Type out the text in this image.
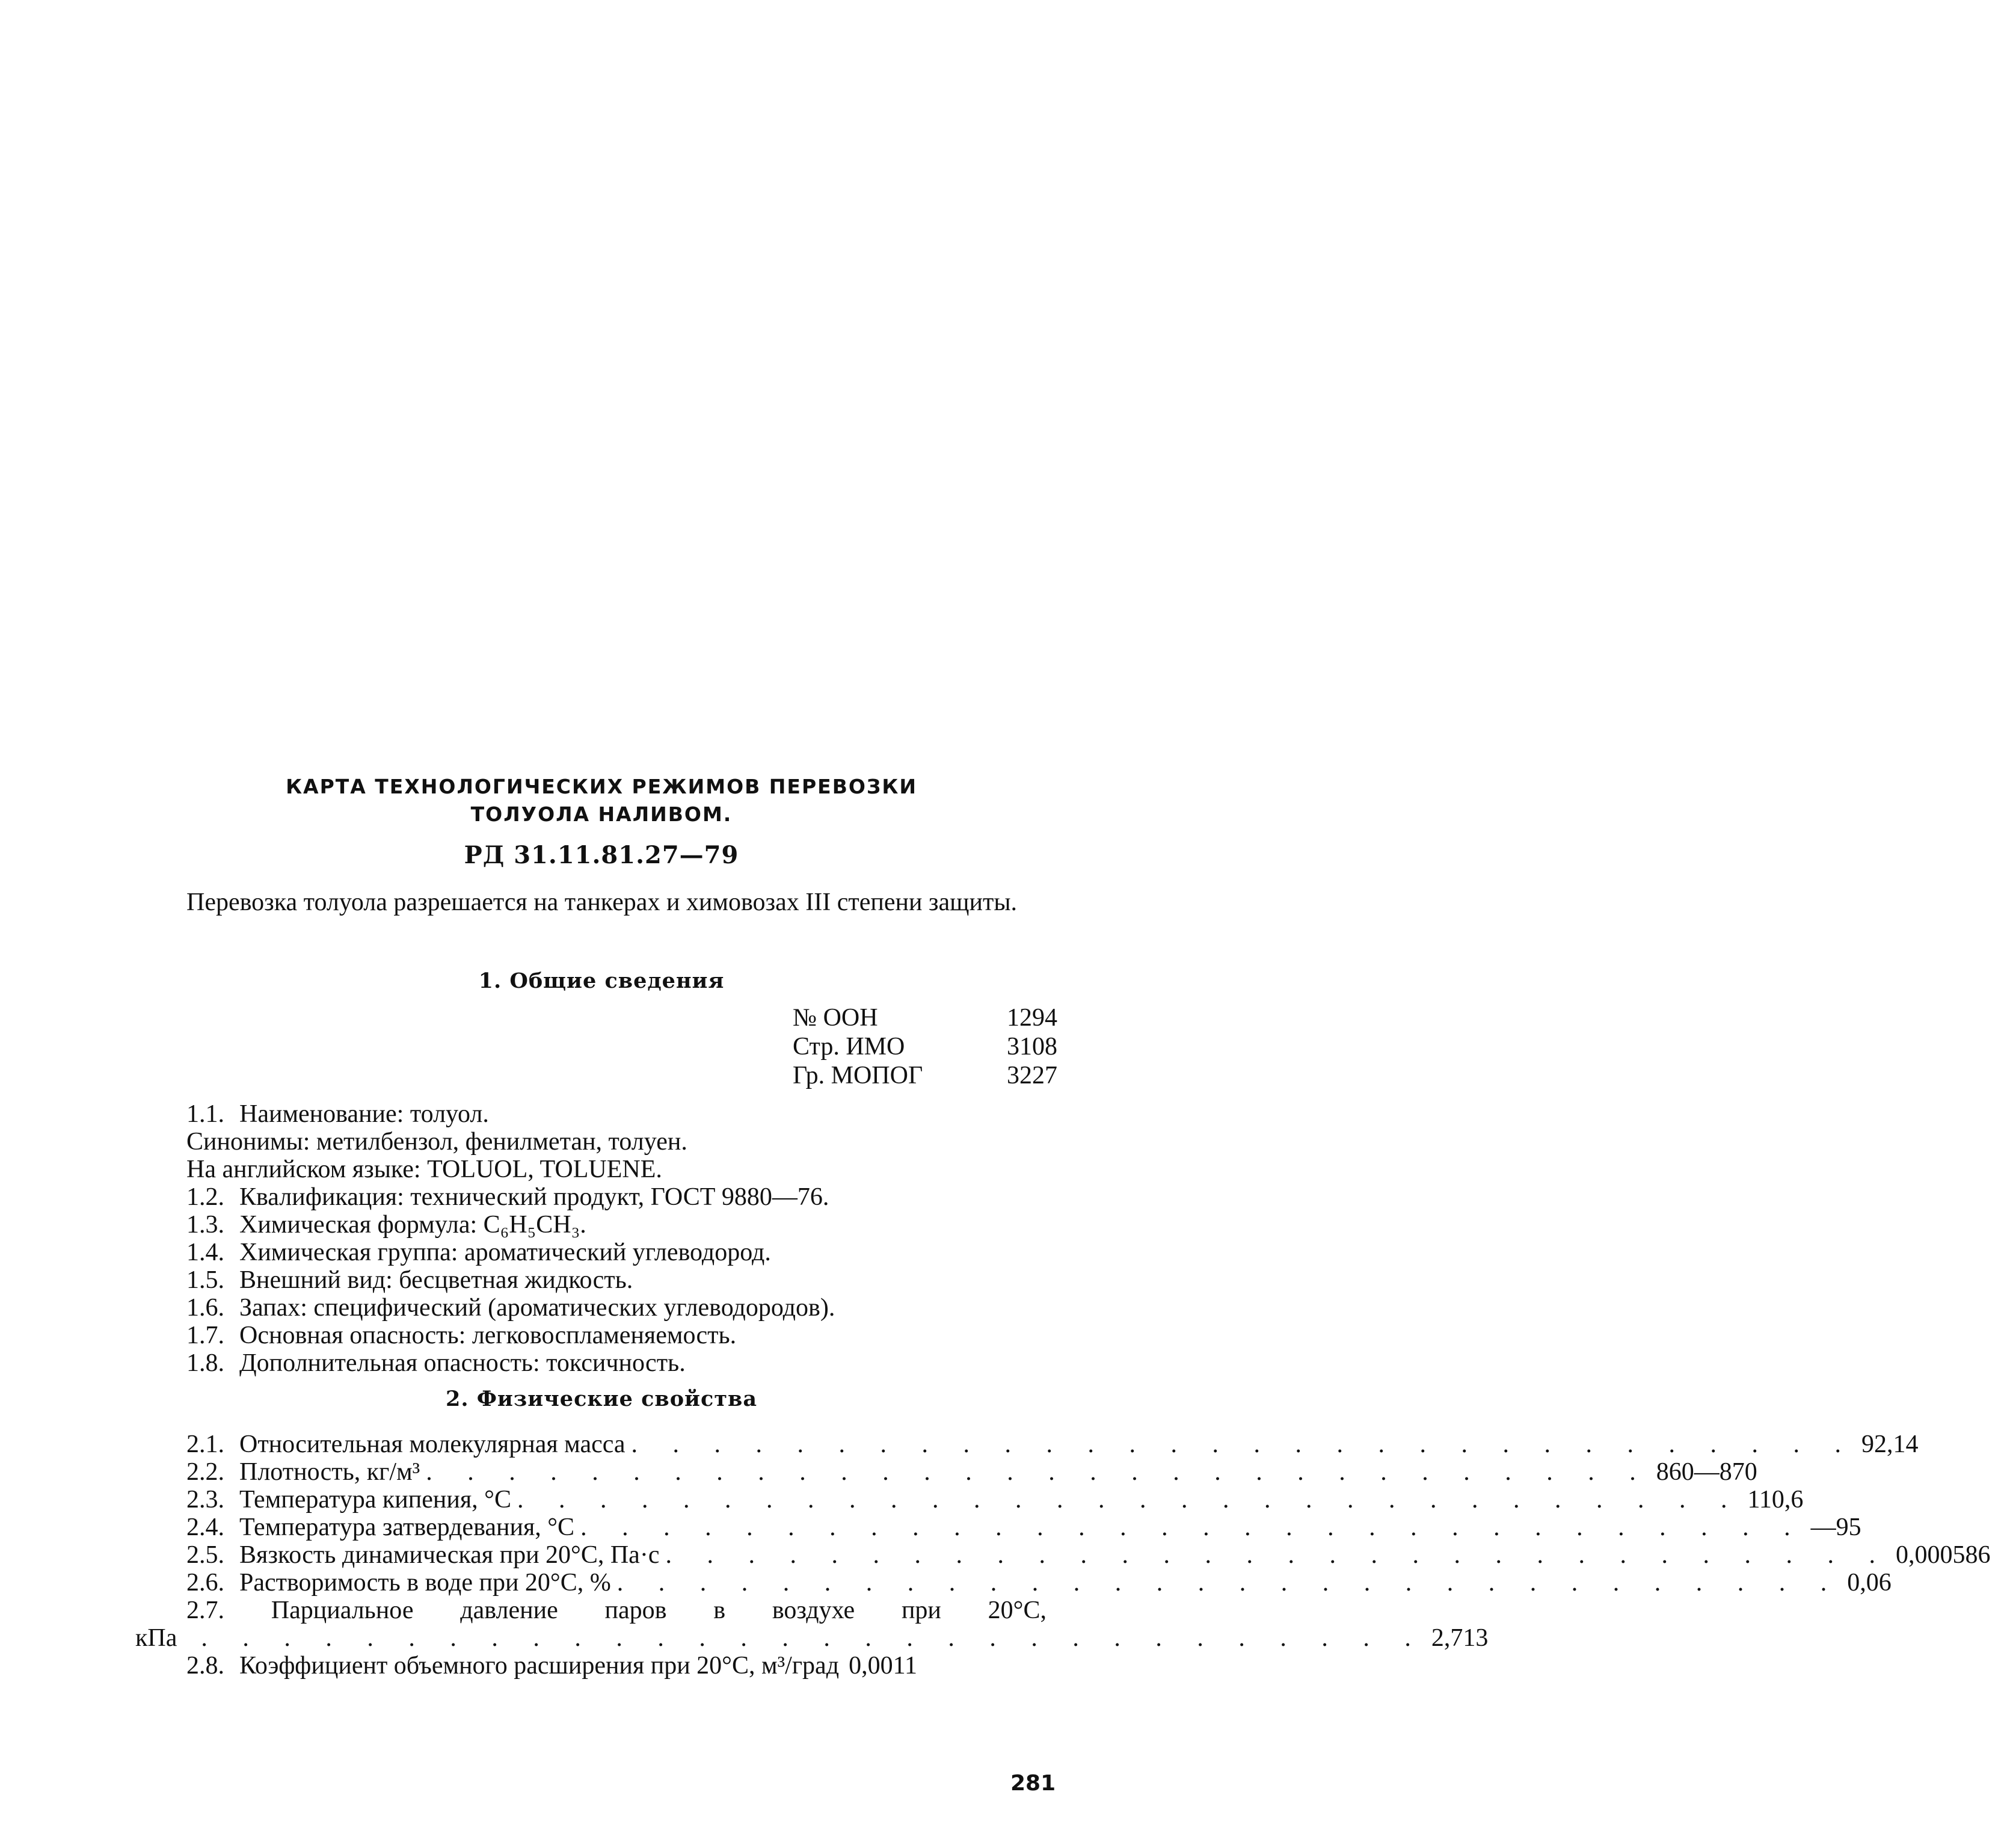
КАРТА ТЕХНОЛОГИЧЕСКИХ РЕЖИМОВ ПЕРЕВОЗКИ
ТОЛУОЛА НАЛИВОМ.
РД 31.11.81.27—79
Перевозка толуола разрешается на танкерах и химовозах III степени защиты.
1. Общие сведения
№ ООН	1294
Стр. ИМО	3108
Гр. МОПОГ	3227
1.1. Наименование: толуол.
Синонимы: метилбензол, фенилметан, толуен.
На английском языке: TOLUOL, TOLUENE.
1.2. Квалификация: технический продукт, ГОСТ 9880—76.
1.3. Химическая формула: C₆H₅CH₃.
1.4. Химическая группа: ароматический углеводород.
1.5. Внешний вид: бесцветная жидкость.
1.6. Запах: специфический (ароматических углеводородов).
1.7. Основная опасность: легковоспламеняемость.
1.8. Дополнительная опасность: токсичность.
2. Физические свойства
2.1. Относительная молекулярная масса . . . . . . . . . . . . . . . . . . . . . . . . . . . . . . 92,14
2.2. Плотность, кг/м³ . . . . . . . . . . . . . . . . . . . . . . . . . . . . . . 860—870
2.3. Температура кипения, °С . . . . . . . . . . . . . . . . . . . . . . . . . . . . . . 110,6
2.4. Температура затвердевания, °С . . . . . . . . . . . . . . . . . . . . . . . . . . . . . . —95
2.5. Вязкость динамическая при 20°С, Па·с . . . . . . . . . . . . . . . . . . . . . . . . . . . . . . 0,000586
2.6. Растворимость в воде при 20°С, % . . . . . . . . . . . . . . . . . . . . . . . . . . . . . . 0,06
2.7. Парциальное давление паров в воздухе при 20°С,
кПа . . . . . . . . . . . . . . . . . . . . . . . . . . . . . . 2,713
2.8. Коэффициент объемного расширения при 20°С, м³/град 0,0011
281
